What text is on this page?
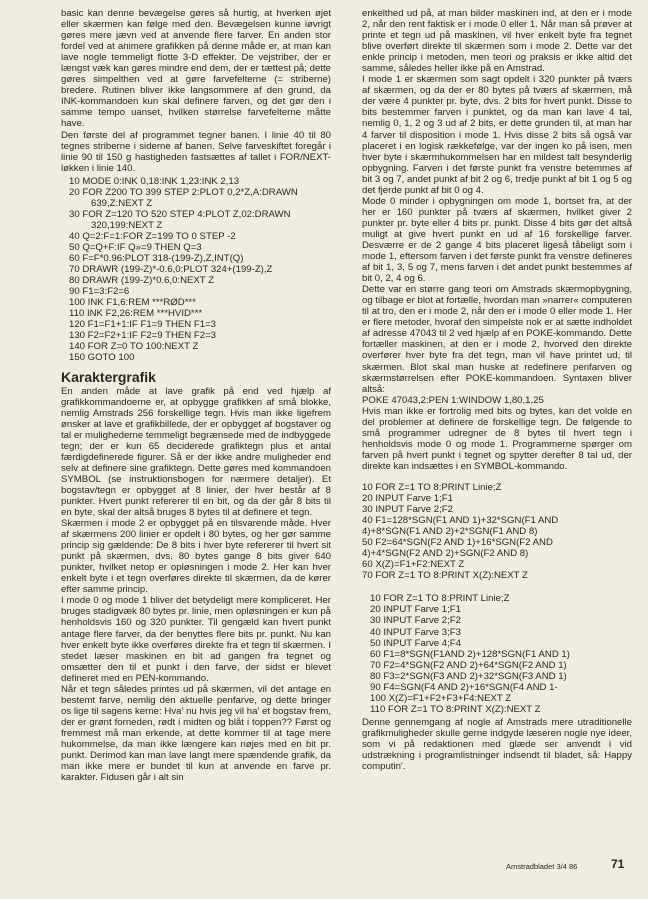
basic kan denne bevægelse gøres så hurtig, at hverken øjet eller skærmen kan følge med den. Bevægelsen kunne iøvrigt gøres mere jævn ved at anvende flere farver. En anden stor fordel ved at animere grafikken på denne måde er, at man kan lave nogle temmeligt flotte 3-D effekter. De vejstriber, der er længst væk kan gøres mindre end dem, der er tættest på; dette gøres simpelthen ved at gøre farvefelterne (= striberne) bredere. Rutinen bliver ikke langsommere af den grund, da INK-kommandoen kun skal definere farven, og det gør den i samme tempo uanset, hvilken størrelse farvefelterne måtte have.

Den første del af programmet tegner banen. I linie 40 til 80 tegnes striberne i siderne af banen. Selve farveskiftet foregår i linie 90 til 150 g hastigheden fastsættes af tallet i FOR/NEXT-løkken i linie 140.

10 MODE 0:INK 0,18:INK 1,23:INK 2,13
20 FOR Z200 TO 399 STEP 2:PLOT 0,2*Z,A:DRAWN
639,Z:NEXT Z
30 FOR Z=120 TO 520 STEP 4:PLOT Z,02:DRAWN
320,199:NEXT Z
40 Q=2:F=1:FOR Z=199 TO 0 STEP -2
50 Q=Q+F:IF Q»=9 THEN Q=3
60 F=F*0.96:PLOT 318-(199-Z),Z,INT(Q)
70 DRAWR (199-Z)*-0.6,0:PLOT 324+(199-Z),Z
80 DRAWR (199-Z)*0.6,0:NEXT Z
90 F1=3:F2=6
100 INK F1,6:REM ***RØD***
110 INK F2,26:REM ***HVID***
120 F1=F1+1:IF F1=9 THEN F1=3
130 F2=F2+1:IF F2=9 THEN F2=3
140 FOR Z=0 TO 100:NEXT Z
150 GOTO 100
Karaktergrafik

En anden måde at lave grafik på end ved hjælp af grafikkommandoerne er, at opbygge grafikken af små blokke, nemlig Amstrads 256 forskellige tegn. Hvis man ikke ligefrem ønsker at lave et grafikbillede, der er opbygget af bogstaver og tal er mulighederne temmeligt begrænsede med de indbyggede tegn; der er kun 65 deciderede grafiktegn plus et antal færdigdefinerede figurer. Så er der ikke andre muligheder end selv at definere sine grafiktegn. Dette gøres med kommandoen SYMBOL (se instruktionsbogen for nærmere detaljer). Et bogstav/tegn er opbygget af 8 linier, der hver består af 8 punkter. Hvert punkt refererer til en bit, og da der går 8 bits til en byte, skal der altså bruges 8 bytes til at definere et tegn.

Skærmen i mode 2 er opbygget på en tilsvarende måde. Hver af skærmens 200 linier er opdelt i 80 bytes, og her gør samme princip sig gældende: De 8 bits i hver byte refererer til hvert sit punkt på skærmen, dvs. 80 bytes gange 8 bits giver 640 punkter, hvilket netop er opløsningen i mode 2. Her kan hver enkelt byte i et tegn overføres direkte til skærmen, da de kører efter samme princip.

I mode 0 og mode 1 bliver det betydeligt mere kompliceret. Her bruges stadigvæk 80 bytes pr. linie, men opløsningen er kun på henholdsvis 160 og 320 punkter. Til gengæld kan hvert punkt antage flere farver, da der benyttes flere bits pr. punkt. Nu kan hver enkelt byte ikke overføres direkte fra et tegn til skærmen. I stedet læser maskinen en bit ad gangen fra tegnet og omsætter den til et punkt i den farve, der sidst er blevet defineret med en PEN-kommando.

Når et tegn således printes ud på skærmen, vil det antage en bestemt farve, nemlig den aktuelle penfarve, og dette bringer os lige til sagens kerne: Hva' nu hvis jeg vil ha' et bogstav frem, der er grønt forneden, rødt i midten og blåt i toppen?? Først og fremmest må man erkende, at dette kommer til at tage mere hukommelse, da man ikke længere kan nøjes med en bit pr. punkt. Derimod kan man lave langt mere spændende grafik, da man ikke mere er bundet til kun at anvende en farve pr. karakter. Fidusen går i alt sin

enkelthed ud på, at man bilder maskinen ind, at den er i mode 2, når den rent faktisk er i mode 0 eller 1. Når man så prøver at printe et tegn ud på maskinen, vil hver enkelt byte fra tegnet blive overført direkte til skærmen som i mode 2. Dette var det enkle princip i metoden, men teori og praksis er ikke altid det samme, således heller ikke på en Amstrad.

I mode 1 er skærmen som sagt opdelt i 320 punkter på tværs af skærmen, og da der er 80 bytes på tværs af skærmen, må der være 4 punkter pr. byte, dvs. 2 bits for hvert punkt. Disse to bits bestemmer farven i punktet, og da man kan lave 4 tal, nemlig 0, 1, 2 og 3 ud af 2 bits, er dette grunden til, at man har 4 farver til disposition i mode 1. Hvis disse 2 bits så også var placeret i en logisk rækkefølge, var der ingen ko på isen, men hver byte i skærmhukommelsen har en mildest talt besynderlig opbygning. Farven i det første punkt fra venstre betemmes af bit 3 og 7, andet punkt af bit 2 og 6, tredje punkt af bit 1 og 5 og det fjerde punkt af bit 0 og 4.

Mode 0 minder i opbygningen om mode 1, bortset fra, at der her er 160 punkter på tværs af skærmen, hvilket giver 2 punkter pr. byte eller 4 bits pr. punkt. Disse 4 bits gør det altså muligt at give hvert punkt en ud af 16 forskellige farver. Desværre er de 2 gange 4 bits placeret ligeså tåbeligt som i mode 1, eftersom farven i det første punkt fra venstre defineres af bit 1, 3, 5 og 7, mens farven i det andet punkt bestemmes af bit 0, 2, 4 og 6.

Dette var en større gang teori om Amstrads skærmopbygning, og tilbage er blot at fortælle, hvordan man »narrer« computeren til at tro, den er i mode 2, når den er i mode 0 eller mode 1. Her er flere metoder, hvoraf den simpelste nok er at sætte indholdet af adresse 47043 til 2 ved hjælp af en POKE-kommando. Dette fortæller maskinen, at den er i mode 2, hvorved den direkte overfører hver byte fra det tegn, man vil have printet ud, til skærmen. Blot skal man huske at redefinere penfarven og skærmstørrelsen efter POKE-kommandoen. Syntaxen bliver altså:

POKE 47043,2:PEN 1:WINDOW 1,80,1,25

Hvis man ikke er fortrolig med bits og bytes, kan det volde en del problemer at definere de forskellige tegn. De følgende to små programmer udregner de 8 bytes til hvert tegn i henholdsvis mode 0 og mode 1. Programmerne spørger om farven på hvert punkt i tegnet og spytter derefter 8 tal ud, der direkte kan indsættes i en SYMBOL-kommando.

10 FOR Z=1 TO 8:PRINT Linie;Z
20 INPUT Farve 1;F1
30 INPUT Farve 2;F2
40 F1=128*SGN(F1 AND 1)+32*SGN(F1 AND
4)+8*SGN(F1 AND 2)+2*SGN(F1 AND 8)
50 F2=64*SGN(F2 AND 1)+16*SGN(F2 AND
4)+4*SGN(F2 AND 2)+SGN(F2 AND 8)
60 X(Z)=F1+F2:NEXT Z
70 FOR Z=1 TO 8:PRINT X(Z):NEXT Z
10 FOR Z=1 TO 8:PRINT Linie;Z
20 INPUT Farve 1;F1
30 INPUT Farve 2;F2
40 INPUT Farve 3;F3
50 INPUT Farve 4;F4
60 F1=8*SGN(F1AND 2)+128*SGN(F1 AND 1)
70 F2=4*SGN(F2 AND 2)+64*SGN(F2 AND 1)
80 F3=2*SGN(F3 AND 2)+32*SGN(F3 AND 1)
90 F4=SGN(F4 AND 2)+16*SGN(F4 AND 1-
100 X(Z)=F1+F2+F3+F4:NEXT Z
110 FOR Z=1 TO 8:PRINT X(Z):NEXT Z

Denne gennemgang af nogle af Amstrads mere utraditionelle grafikmuligheder skulle gerne indgyde læseren nogle nye ideer, som vi på redaktionen med glæde ser anvendt i vid udstrækning i programlistninger indsendt til bladet, så: Happy computin'.

Amstradbladet 3/4 86	71
